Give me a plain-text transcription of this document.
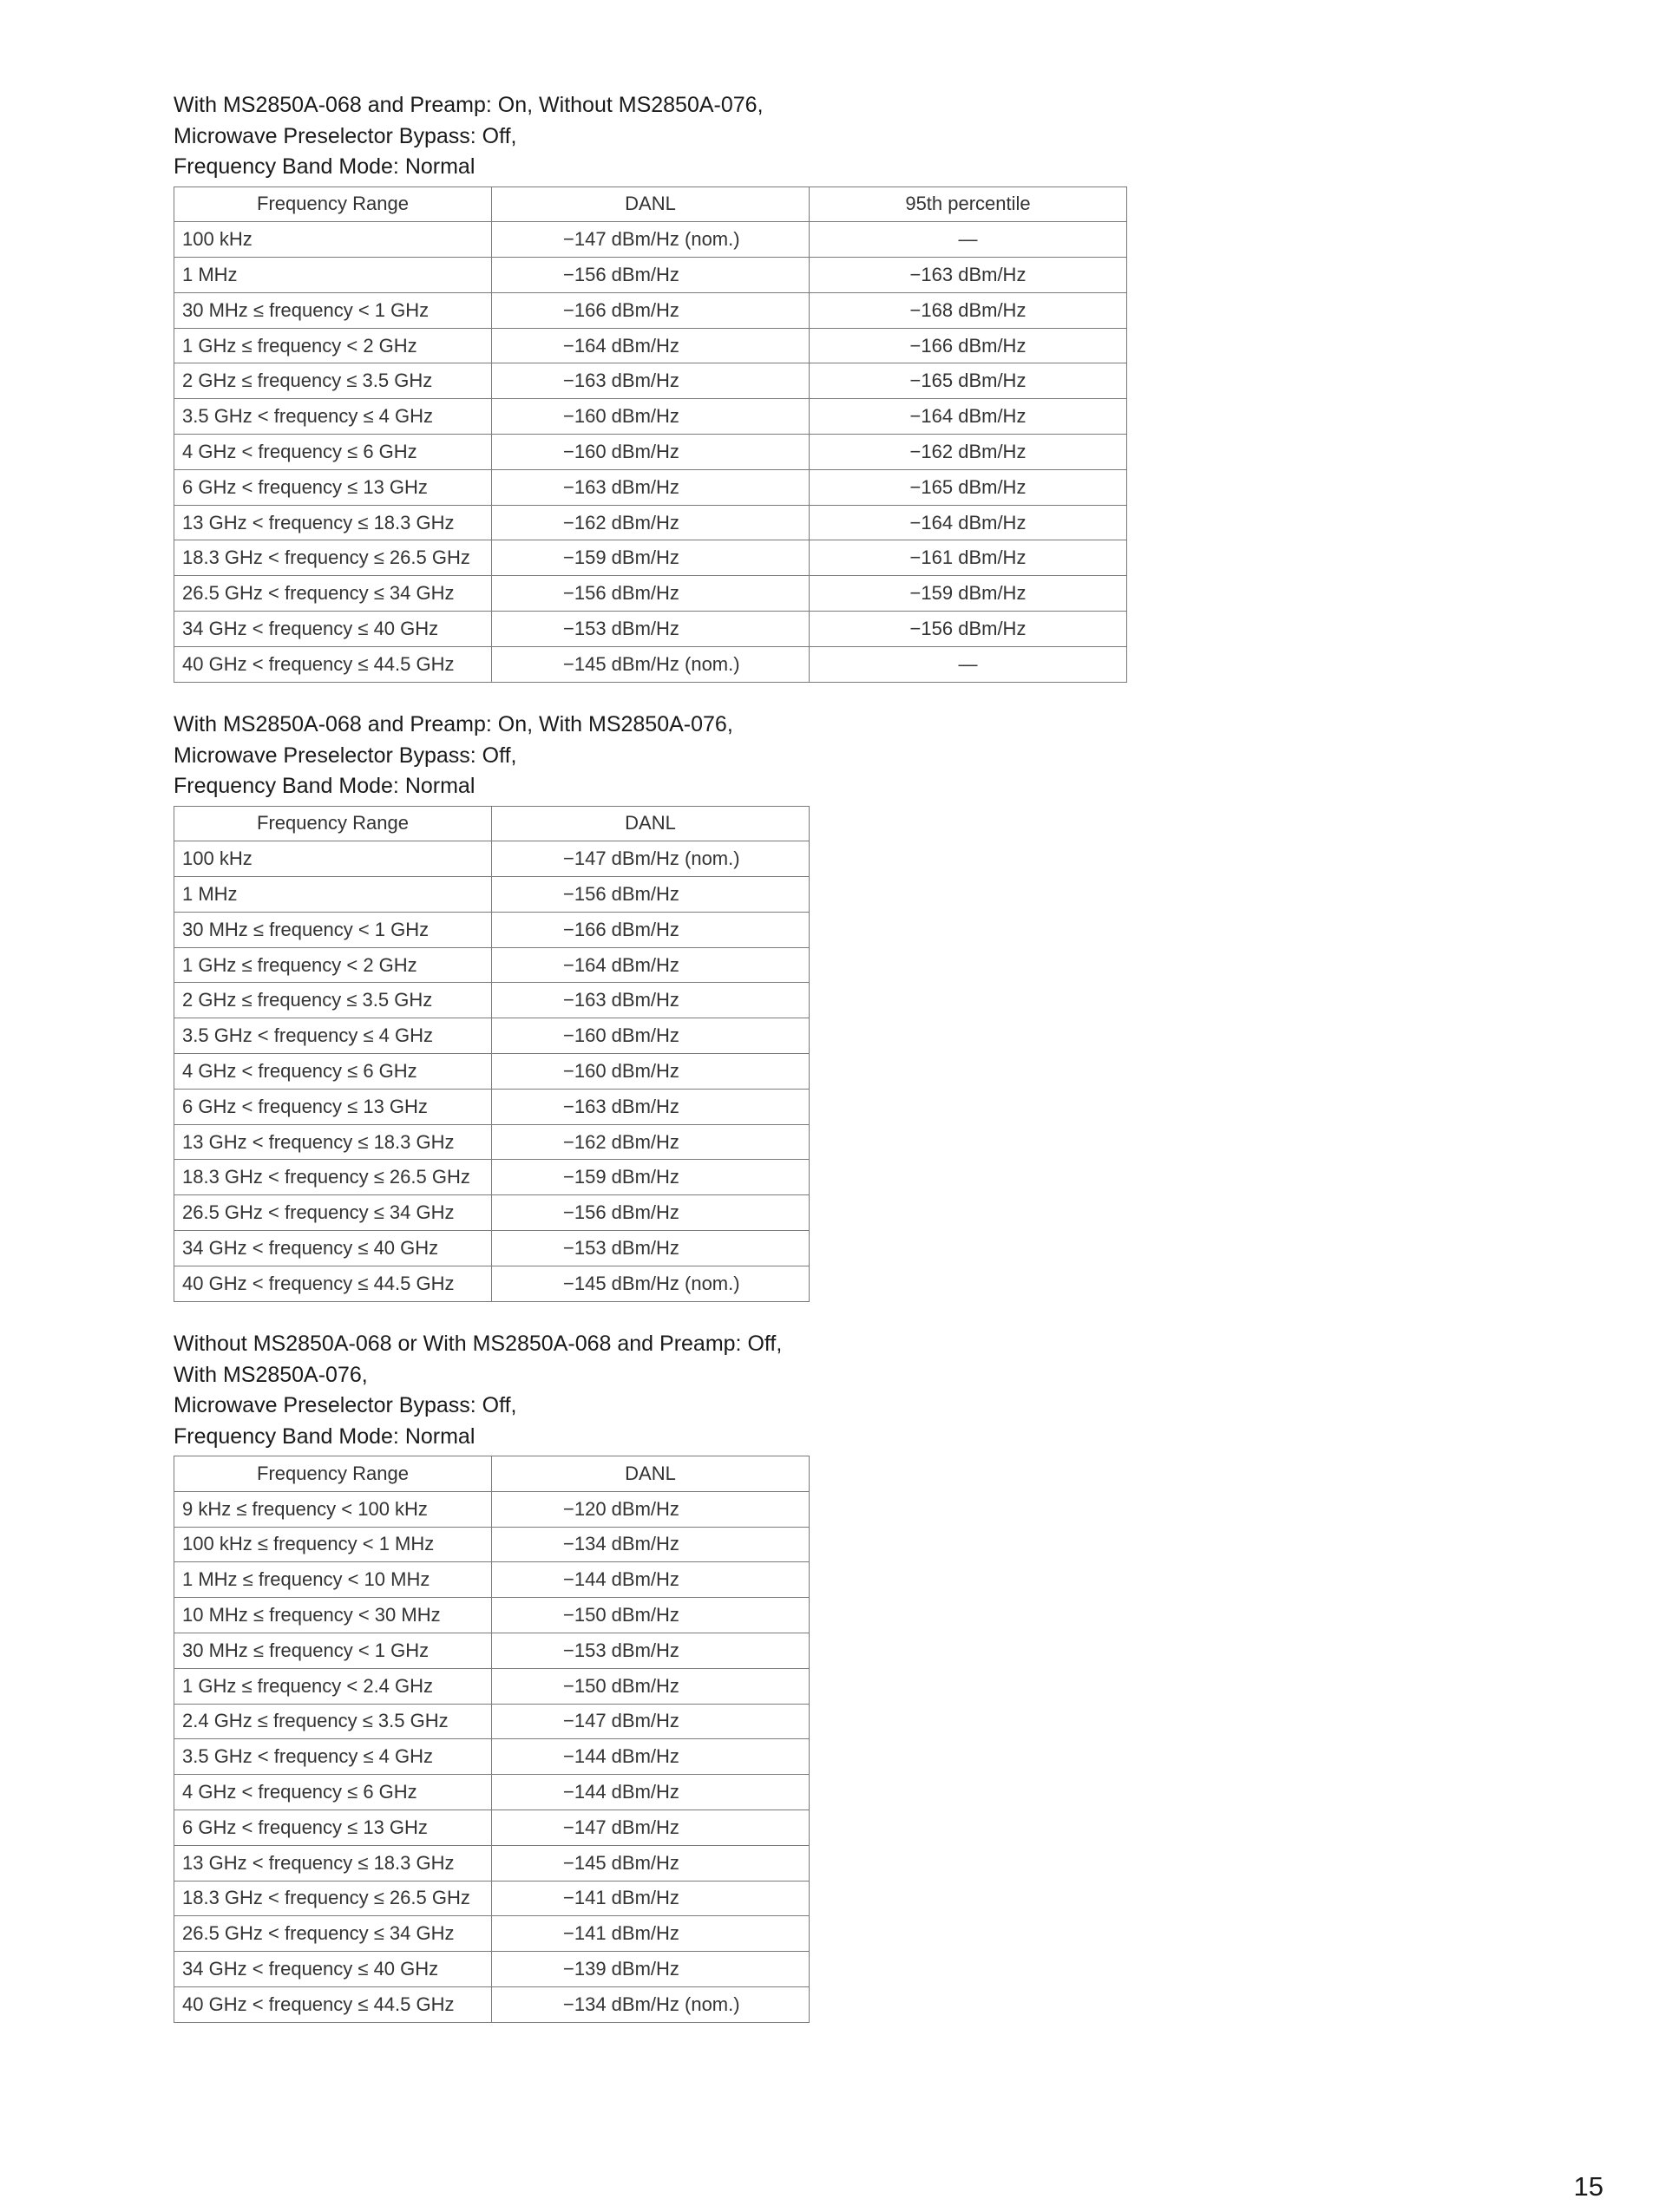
With MS2850A-068 and Preamp: On, Without MS2850A-076,
Microwave Preselector Bypass: Off,
Frequency Band Mode: Normal
Frequency Range	DANL	95th percentile
100 kHz	−147 dBm/Hz (nom.)	—
1 MHz	−156 dBm/Hz	−163 dBm/Hz
30 MHz ≤ frequency < 1 GHz	−166 dBm/Hz	−168 dBm/Hz
1 GHz ≤ frequency < 2 GHz	−164 dBm/Hz	−166 dBm/Hz
2 GHz ≤ frequency ≤ 3.5 GHz	−163 dBm/Hz	−165 dBm/Hz
3.5 GHz < frequency ≤ 4 GHz	−160 dBm/Hz	−164 dBm/Hz
4 GHz < frequency ≤ 6 GHz	−160 dBm/Hz	−162 dBm/Hz
6 GHz < frequency ≤ 13 GHz	−163 dBm/Hz	−165 dBm/Hz
13 GHz < frequency ≤ 18.3 GHz	−162 dBm/Hz	−164 dBm/Hz
18.3 GHz < frequency ≤ 26.5 GHz	−159 dBm/Hz	−161 dBm/Hz
26.5 GHz < frequency ≤ 34 GHz	−156 dBm/Hz	−159 dBm/Hz
34 GHz < frequency ≤ 40 GHz	−153 dBm/Hz	−156 dBm/Hz
40 GHz < frequency ≤ 44.5 GHz	−145 dBm/Hz (nom.)	—
With MS2850A-068 and Preamp: On, With MS2850A-076,
Microwave Preselector Bypass: Off,
Frequency Band Mode: Normal
Frequency Range	DANL
100 kHz	−147 dBm/Hz (nom.)
1 MHz	−156 dBm/Hz
30 MHz ≤ frequency < 1 GHz	−166 dBm/Hz
1 GHz ≤ frequency < 2 GHz	−164 dBm/Hz
2 GHz ≤ frequency ≤ 3.5 GHz	−163 dBm/Hz
3.5 GHz < frequency ≤ 4 GHz	−160 dBm/Hz
4 GHz < frequency ≤ 6 GHz	−160 dBm/Hz
6 GHz < frequency ≤ 13 GHz	−163 dBm/Hz
13 GHz < frequency ≤ 18.3 GHz	−162 dBm/Hz
18.3 GHz < frequency ≤ 26.5 GHz	−159 dBm/Hz
26.5 GHz < frequency ≤ 34 GHz	−156 dBm/Hz
34 GHz < frequency ≤ 40 GHz	−153 dBm/Hz
40 GHz < frequency ≤ 44.5 GHz	−145 dBm/Hz (nom.)
Without MS2850A-068 or With MS2850A-068 and Preamp: Off,
With MS2850A-076,
Microwave Preselector Bypass: Off,
Frequency Band Mode: Normal
Frequency Range	DANL
9 kHz ≤ frequency < 100 kHz	−120 dBm/Hz
100 kHz ≤ frequency < 1 MHz	−134 dBm/Hz
1 MHz ≤ frequency < 10 MHz	−144 dBm/Hz
10 MHz ≤ frequency < 30 MHz	−150 dBm/Hz
30 MHz ≤ frequency < 1 GHz	−153 dBm/Hz
1 GHz ≤ frequency < 2.4 GHz	−150 dBm/Hz
2.4 GHz ≤ frequency ≤ 3.5 GHz	−147 dBm/Hz
3.5 GHz < frequency ≤ 4 GHz	−144 dBm/Hz
4 GHz < frequency ≤ 6 GHz	−144 dBm/Hz
6 GHz < frequency ≤ 13 GHz	−147 dBm/Hz
13 GHz < frequency ≤ 18.3 GHz	−145 dBm/Hz
18.3 GHz < frequency ≤ 26.5 GHz	−141 dBm/Hz
26.5 GHz < frequency ≤ 34 GHz	−141 dBm/Hz
34 GHz < frequency ≤ 40 GHz	−139 dBm/Hz
40 GHz < frequency ≤ 44.5 GHz	−134 dBm/Hz (nom.)
15
